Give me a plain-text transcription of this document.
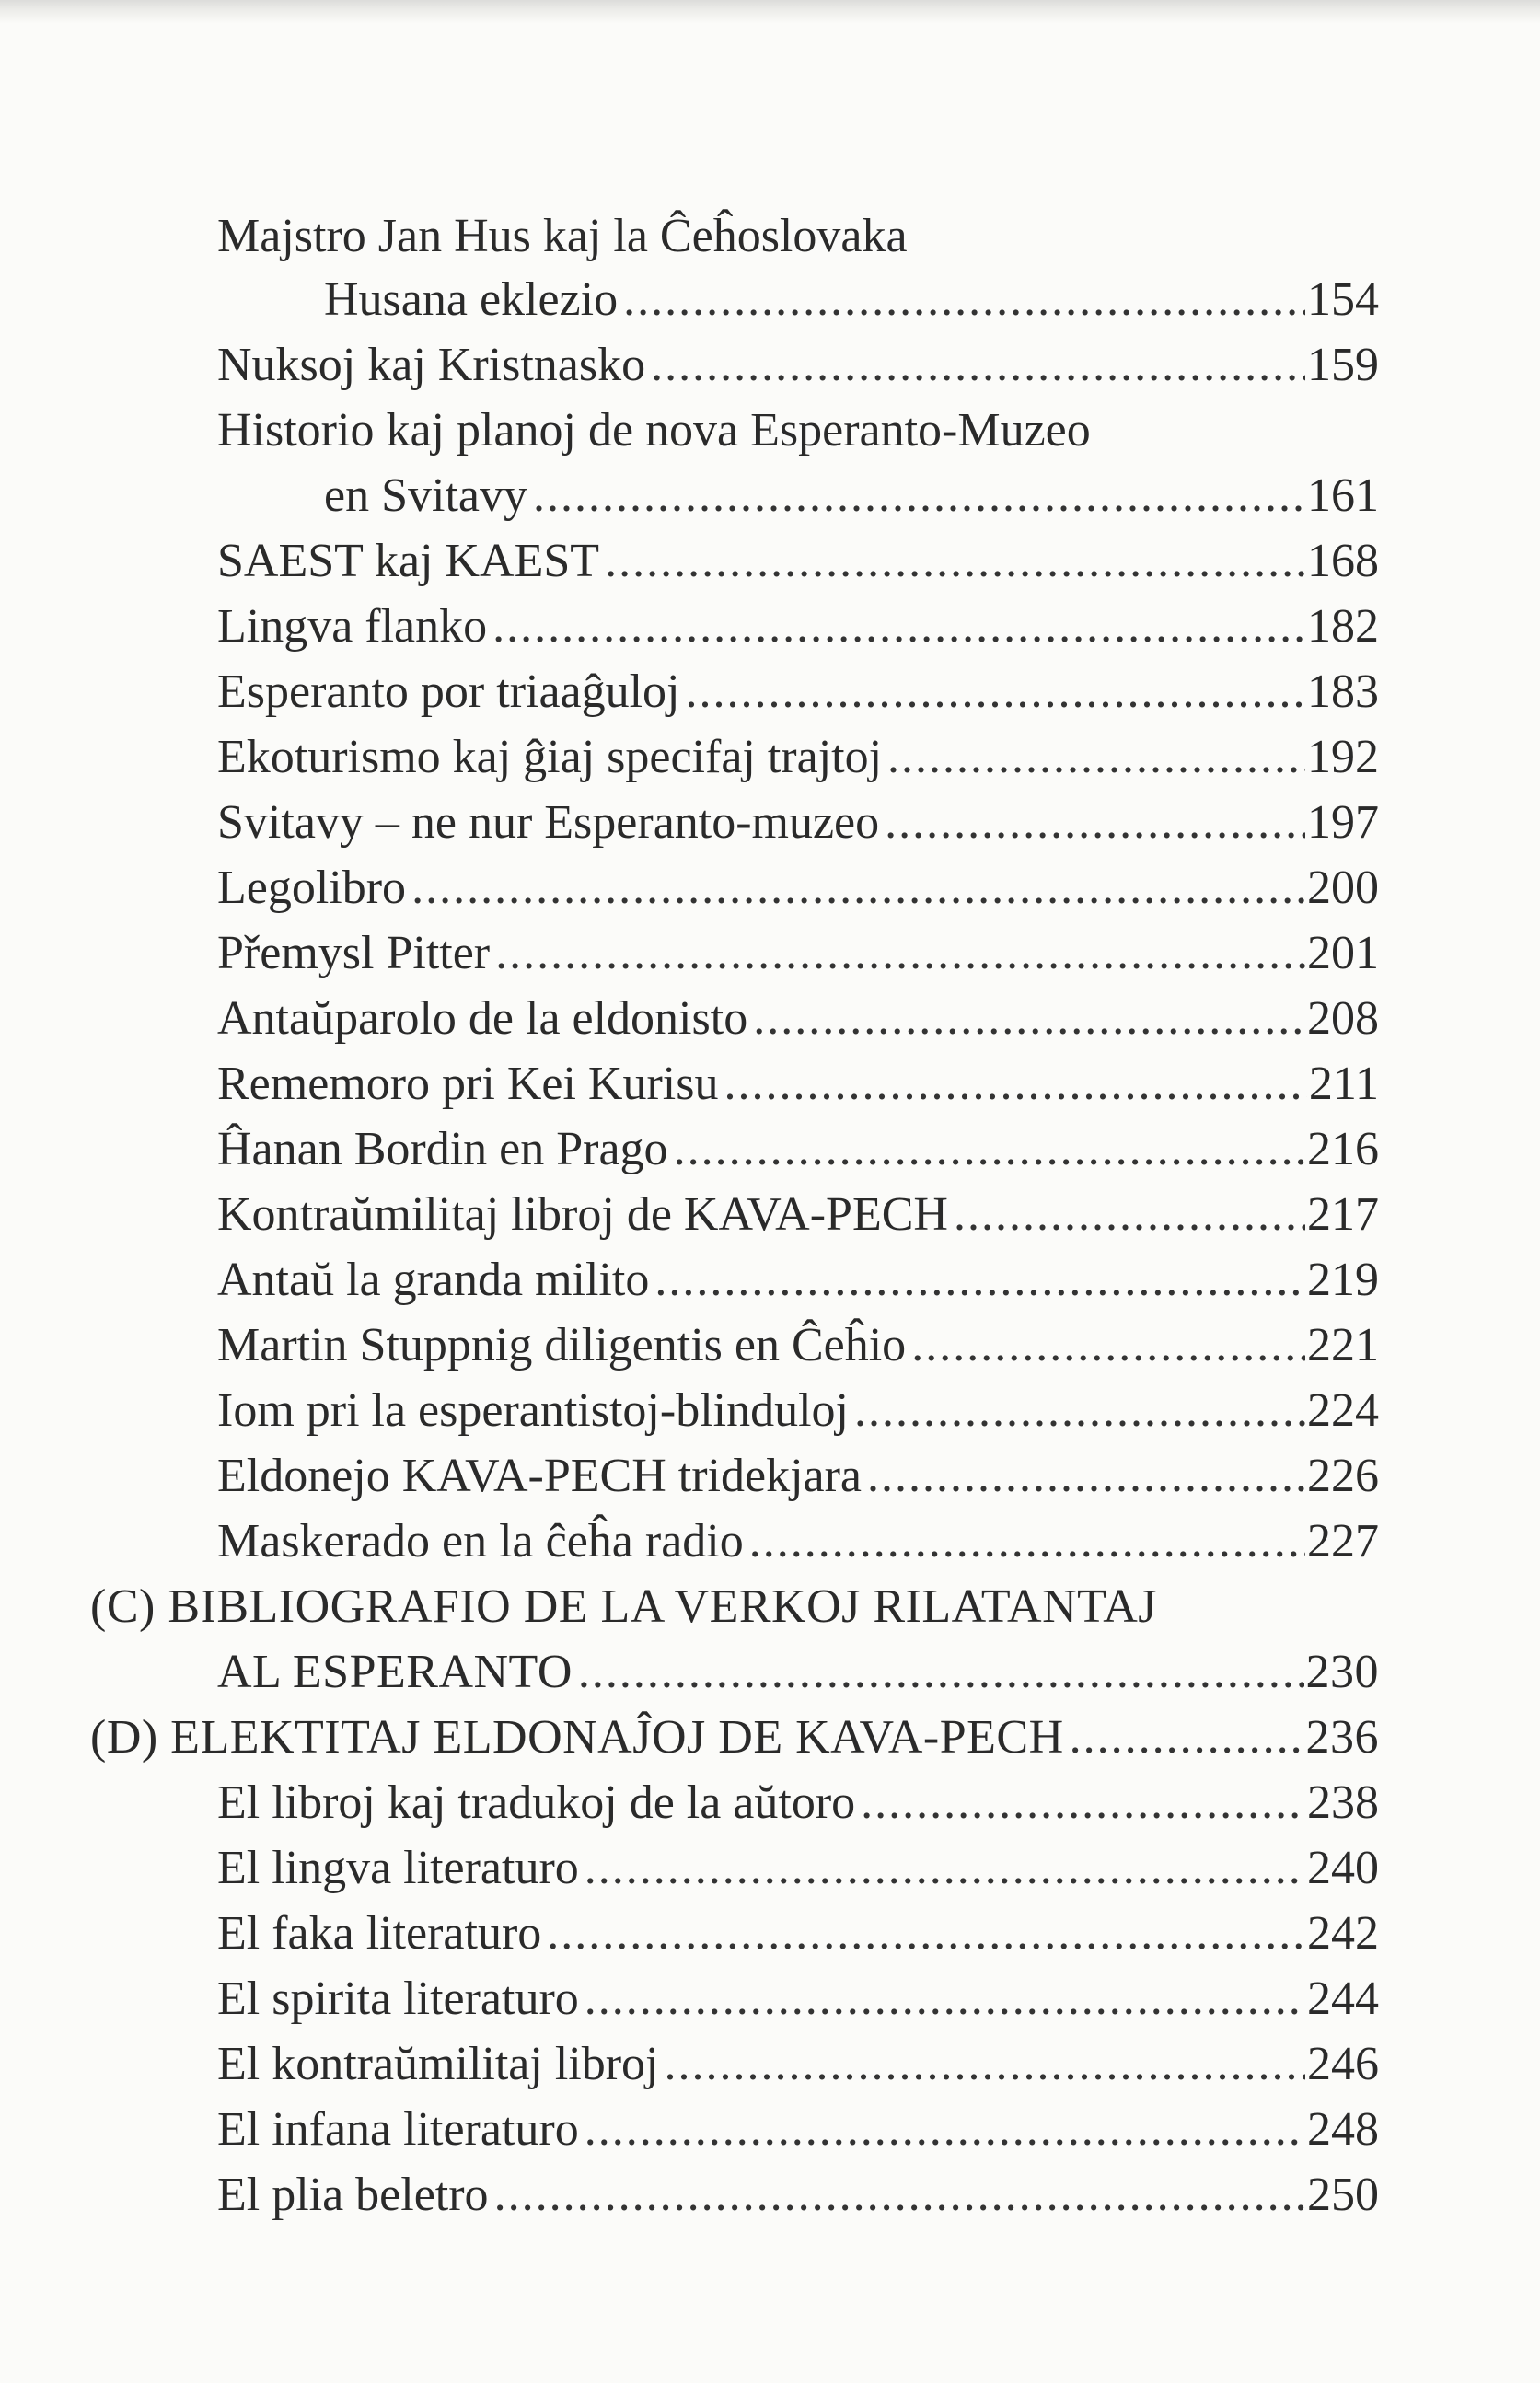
Majstro Jan Hus kaj la Ĉeĥoslovaka
Husana eklezio .....	154
Nuksoj kaj Kristnasko .....	159
Historio kaj planoj de nova Esperanto-Muzeo
en Svitavy .....	161
SAEST kaj KAEST .....	168
Lingva flanko .....	182
Esperanto por triaaĝuloj .....	183
Ekoturismo kaj ĝiaj specifaj trajtoj .....	192
Svitavy – ne nur Esperanto-muzeo .....	197
Legolibro .....	200
Přemysl Pitter .....	201
Antaŭparolo de la eldonisto .....	208
Rememoro pri Kei Kurisu .....	211
Ĥanan Bordin en Prago .....	216
Kontraŭmilitaj libroj de KAVA-PECH .....	217
Antaŭ la granda milito .....	219
Martin Stuppnig diligentis en Ĉeĥio .....	221
Iom pri la esperantistoj-blinduloj .....	224
Eldonejo KAVA-PECH tridekjara .....	226
Maskerado en la ĉeĥa radio .....	227
(C) BIBLIOGRAFIO DE LA VERKOJ RILATANTAJ
AL ESPERANTO .....	230
(D) ELEKTITAJ ELDONAĴOJ DE KAVA-PECH .....	236
El libroj kaj tradukoj de la aŭtoro .....	238
El lingva literaturo .....	240
El faka literaturo .....	242
El spirita literaturo .....	244
El kontraŭmilitaj libroj .....	246
El infana literaturo .....	248
El plia beletro .....	250
